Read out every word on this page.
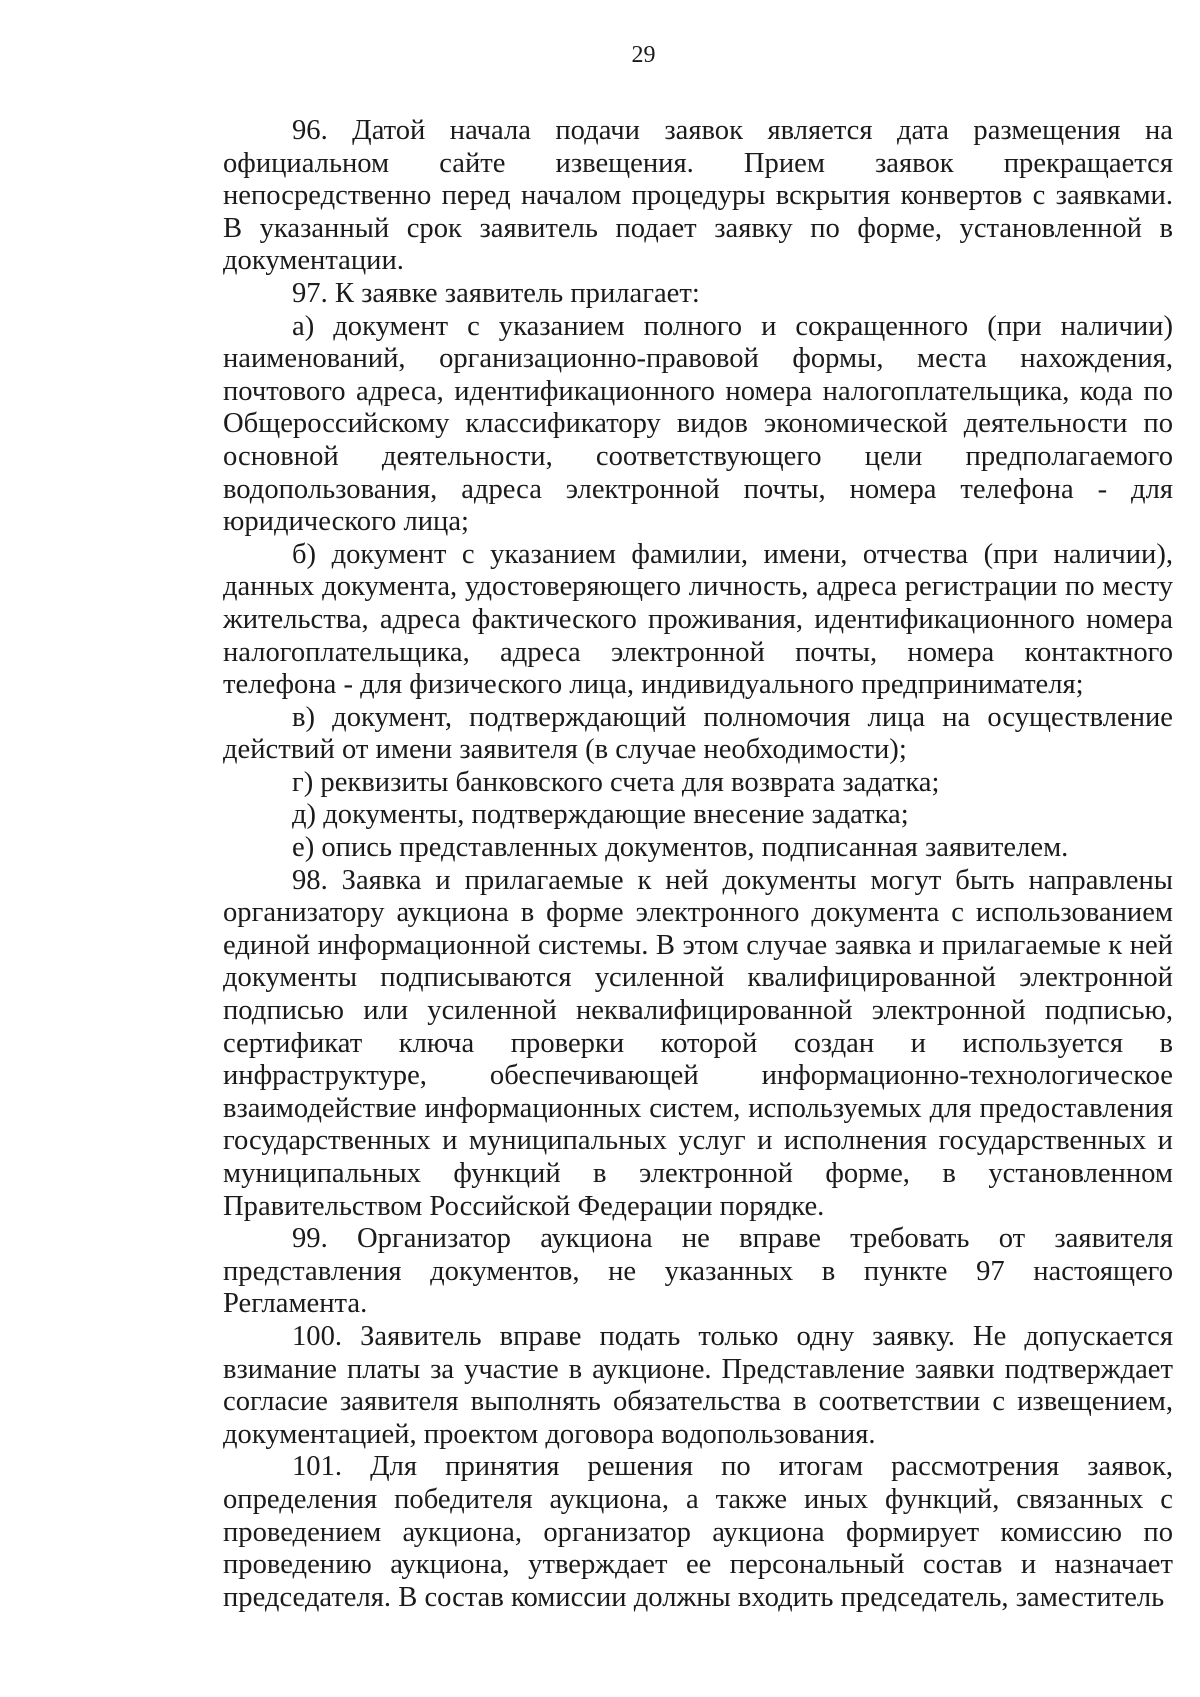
29

96. Датой начала подачи заявок является дата размещения на официальном сайте извещения. Прием заявок прекращается непосредственно перед началом процедуры вскрытия конвертов с заявками. В указанный срок заявитель подает заявку по форме, установленной в документации.

97. К заявке заявитель прилагает:

а) документ с указанием полного и сокращенного (при наличии) наименований, организационно-правовой формы, места нахождения, почтового адреса, идентификационного номера налогоплательщика, кода по Общероссийскому классификатору видов экономической деятельности по основной деятельности, соответствующего цели предполагаемого водопользования, адреса электронной почты, номера телефона - для юридического лица;

б) документ с указанием фамилии, имени, отчества (при наличии), данных документа, удостоверяющего личность, адреса регистрации по месту жительства, адреса фактического проживания, идентификационного номера налогоплательщика, адреса электронной почты, номера контактного телефона - для физического лица, индивидуального предпринимателя;

в) документ, подтверждающий полномочия лица на осуществление действий от имени заявителя (в случае необходимости);

г) реквизиты банковского счета для возврата задатка;

д) документы, подтверждающие внесение задатка;

е) опись представленных документов, подписанная заявителем.

98. Заявка и прилагаемые к ней документы могут быть направлены организатору аукциона в форме электронного документа с использованием единой информационной системы. В этом случае заявка и прилагаемые к ней документы подписываются усиленной квалифицированной электронной подписью или усиленной неквалифицированной электронной подписью, сертификат ключа проверки которой создан и используется в инфраструктуре, обеспечивающей информационно-технологическое взаимодействие информационных систем, используемых для предоставления государственных и муниципальных услуг и исполнения государственных и муниципальных функций в электронной форме, в установленном Правительством Российской Федерации порядке.

99. Организатор аукциона не вправе требовать от заявителя представления документов, не указанных в пункте 97 настоящего Регламента.

100. Заявитель вправе подать только одну заявку. Не допускается взимание платы за участие в аукционе. Представление заявки подтверждает согласие заявителя выполнять обязательства в соответствии с извещением, документацией, проектом договора водопользования.

101. Для принятия решения по итогам рассмотрения заявок, определения победителя аукциона, а также иных функций, связанных с проведением аукциона, организатор аукциона формирует комиссию по проведению аукциона, утверждает ее персональный состав и назначает председателя. В состав комиссии должны входить председатель, заместитель
